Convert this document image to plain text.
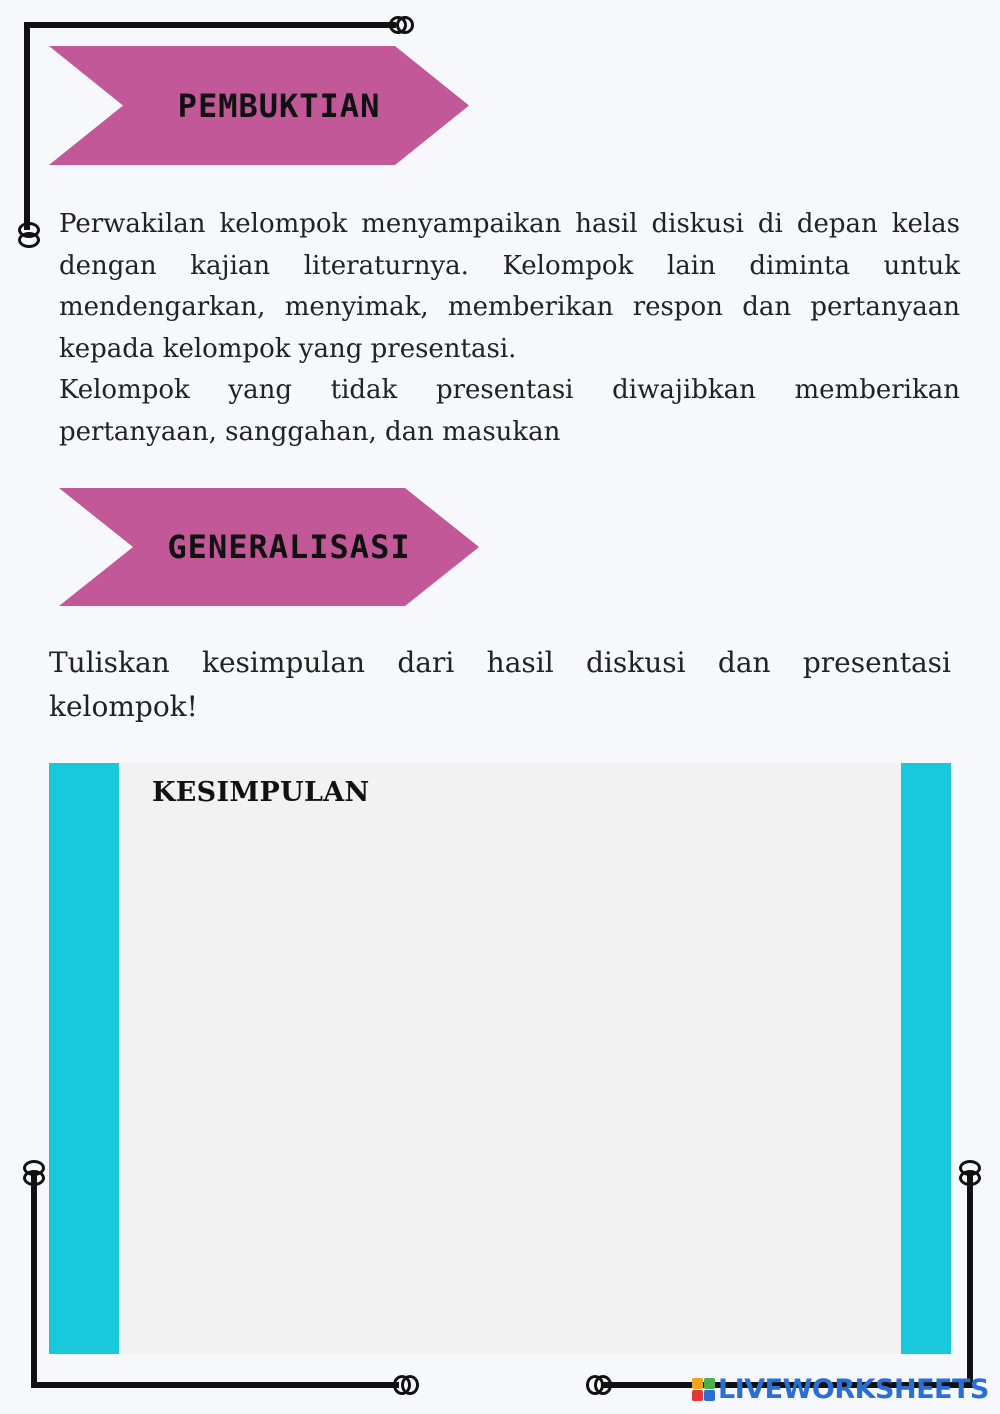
PEMBUKTIAN

Perwakilan kelompok menyampaikan hasil diskusi di depan kelas dengan kajian literaturnya. Kelompok lain diminta untuk mendengarkan, menyimak, memberikan respon dan pertanyaan kepada kelompok yang presentasi.

Kelompok yang tidak presentasi diwajibkan memberikan pertanyaan, sanggahan, dan masukan

GENERALISASI

Tuliskan kesimpulan dari hasil diskusi dan presentasi kelompok!

KESIMPULAN
LIVEWORKSHEETS
